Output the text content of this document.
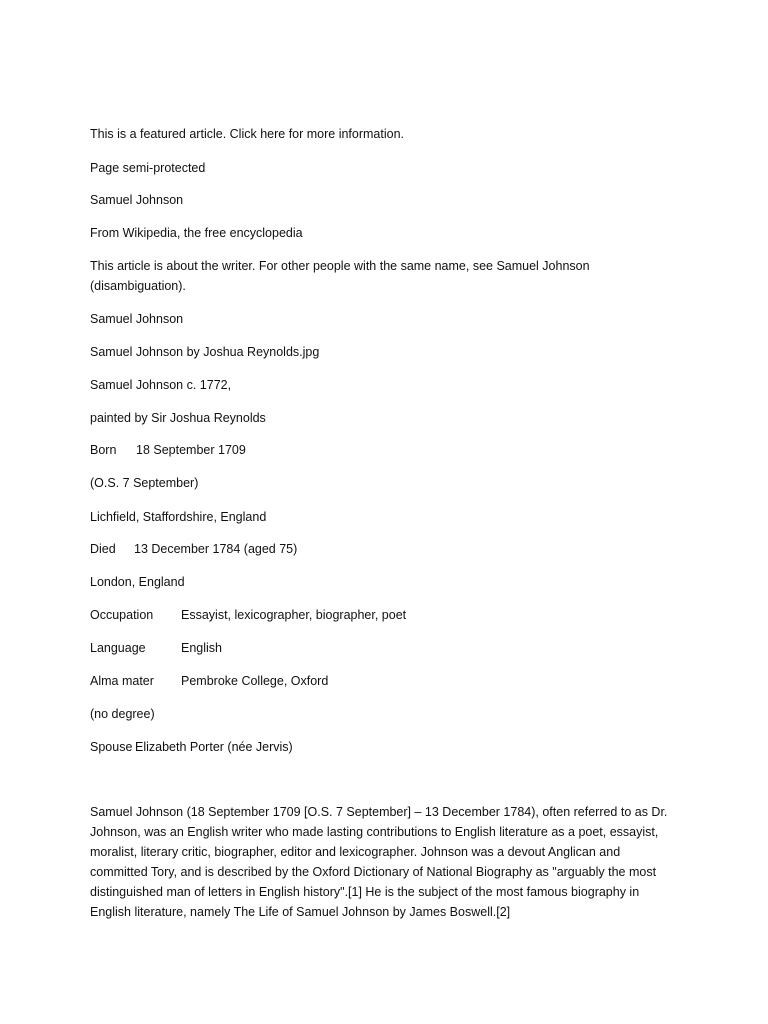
This is a featured article. Click here for more information.
Page semi-protected
Samuel Johnson
From Wikipedia, the free encyclopedia
This article is about the writer. For other people with the same name, see Samuel Johnson (disambiguation).
Samuel Johnson
Samuel Johnson by Joshua Reynolds.jpg
Samuel Johnson c. 1772,
painted by Sir Joshua Reynolds
Born 18 September 1709
(O.S. 7 September)
Lichfield, Staffordshire, England
Died 13 December 1784 (aged 75)
London, England
Occupation Essayist, lexicographer, biographer, poet
Language	English
Alma mater Pembroke College, Oxford
(no degree)
Spouse Elizabeth Porter (née Jervis)
Samuel Johnson (18 September 1709 [O.S. 7 September] – 13 December 1784), often referred to as Dr. Johnson, was an English writer who made lasting contributions to English literature as a poet, essayist, moralist, literary critic, biographer, editor and lexicographer. Johnson was a devout Anglican and committed Tory, and is described by the Oxford Dictionary of National Biography as "arguably the most distinguished man of letters in English history".[1] He is the subject of the most famous biography in English literature, namely The Life of Samuel Johnson by James Boswell.[2]
